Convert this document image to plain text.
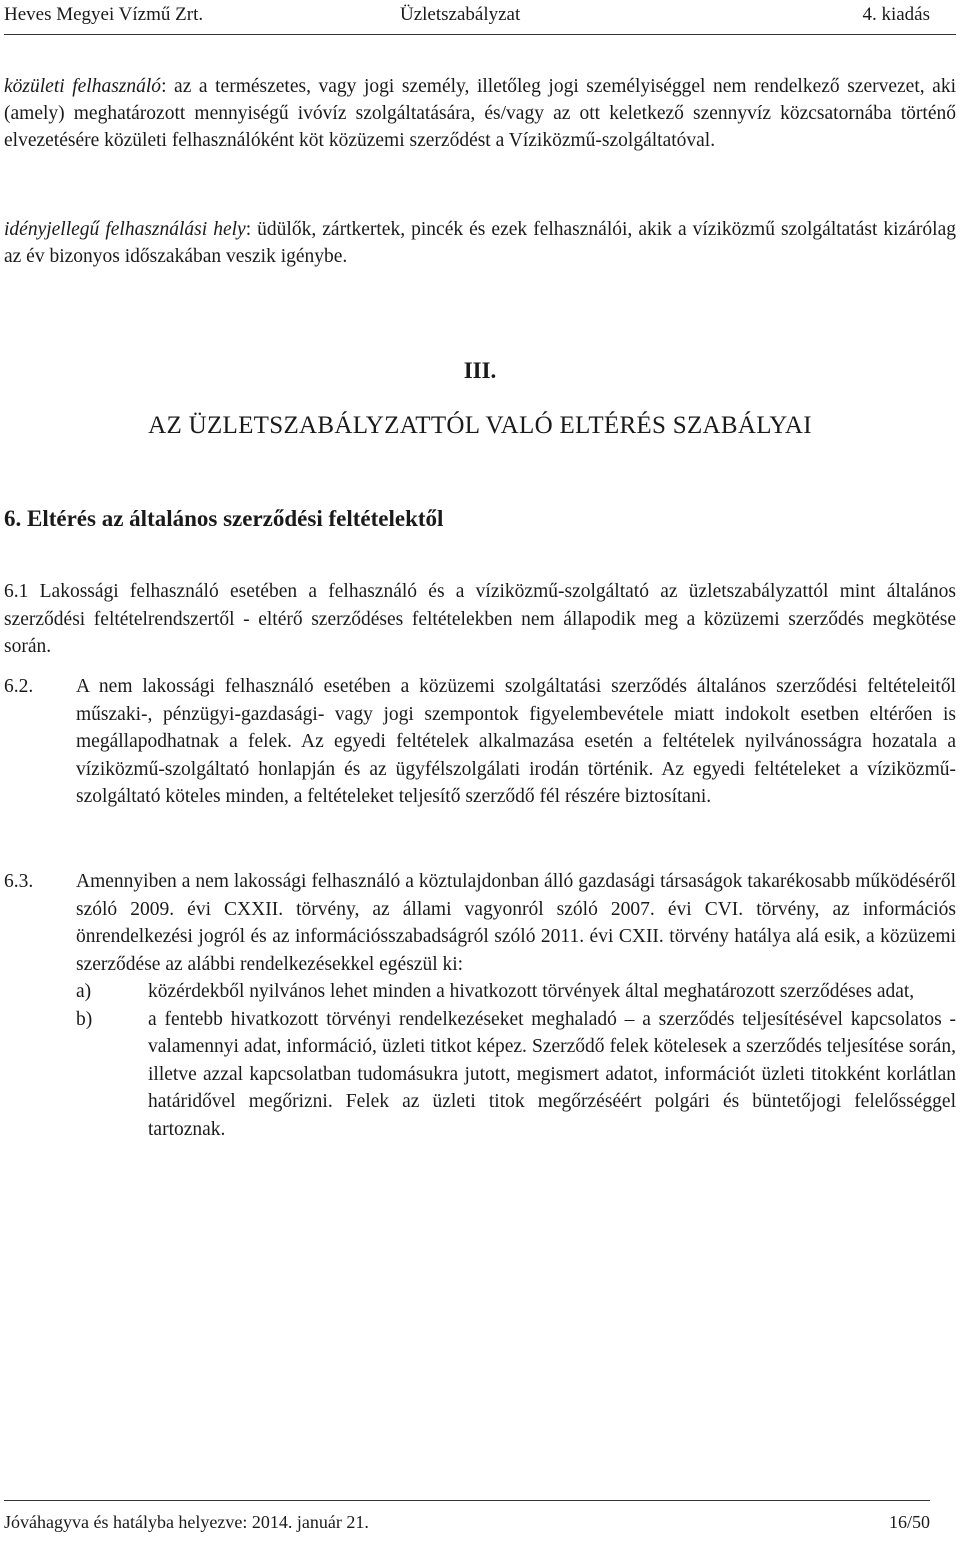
Heves Megyei Vízmű Zrt.	Üzletszabályzat	4. kiadás
közületi felhasználó: az a természetes, vagy jogi személy, illetőleg jogi személyiséggel nem rendelkező szervezet, aki (amely) meghatározott mennyiségű ivóvíz szolgáltatására, és/vagy az ott keletkező szennyvíz közcsatornába történő elvezetésére közületi felhasználóként köt közüzemi szerződést a Víziközmű-szolgáltatóval.
idényjellegű felhasználási hely: üdülők, zártkertek, pincék és ezek felhasználói, akik a víziközmű szolgáltatást kizárólag az év bizonyos időszakában veszik igénybe.
III.
AZ ÜZLETSZABÁLYZATTÓL VALÓ ELTÉRÉS SZABÁLYAI
6. Eltérés az általános szerződési feltételektől
6.1 Lakossági felhasználó esetében a felhasználó és a víziközmű-szolgáltató az üzletszabályzattól mint általános szerződési feltételrendszertől - eltérő szerződéses feltételekben nem állapodik meg a közüzemi szerződés megkötése során.
6.2. A nem lakossági felhasználó esetében a közüzemi szolgáltatási szerződés általános szerződési feltételeitől műszaki-, pénzügyi-gazdasági- vagy jogi szempontok figyelembevétele miatt indokolt esetben eltérően is megállapodhatnak a felek. Az egyedi feltételek alkalmazása esetén a feltételek nyilvánosságra hozatala a víziközmű-szolgáltató honlapján és az ügyfélszolgálati irodán történik. Az egyedi feltételeket a víziközmű-szolgáltató köteles minden, a feltételeket teljesítő szerződő fél részére biztosítani.
6.3. Amennyiben a nem lakossági felhasználó a köztulajdonban álló gazdasági társaságok takarékosabb működéséről szóló 2009. évi CXXII. törvény, az állami vagyonról szóló 2007. évi CVI. törvény, az információs önrendelkezési jogról és az információsszabadságról szóló 2011. évi CXII. törvény hatálya alá esik, a közüzemi szerződése az alábbi rendelkezésekkel egészül ki:
a)	közérdekből nyilvános lehet minden a hivatkozott törvények által meghatározott szerződéses adat,
b)	a fentebb hivatkozott törvényi rendelkezéseket meghaladó – a szerződés teljesítésével kapcsolatos - valamennyi adat, információ, üzleti titkot képez. Szerződő felek kötelesek a szerződés teljesítése során, illetve azzal kapcsolatban tudomásukra jutott, megismert adatot, információt üzleti titokként korlátlan határidővel megőrizni. Felek az üzleti titok megőrzéséért polgári és büntetőjogi felelősséggel tartoznak.
Jóváhagyva és hatályba helyezve: 2014. január 21.	16/50
